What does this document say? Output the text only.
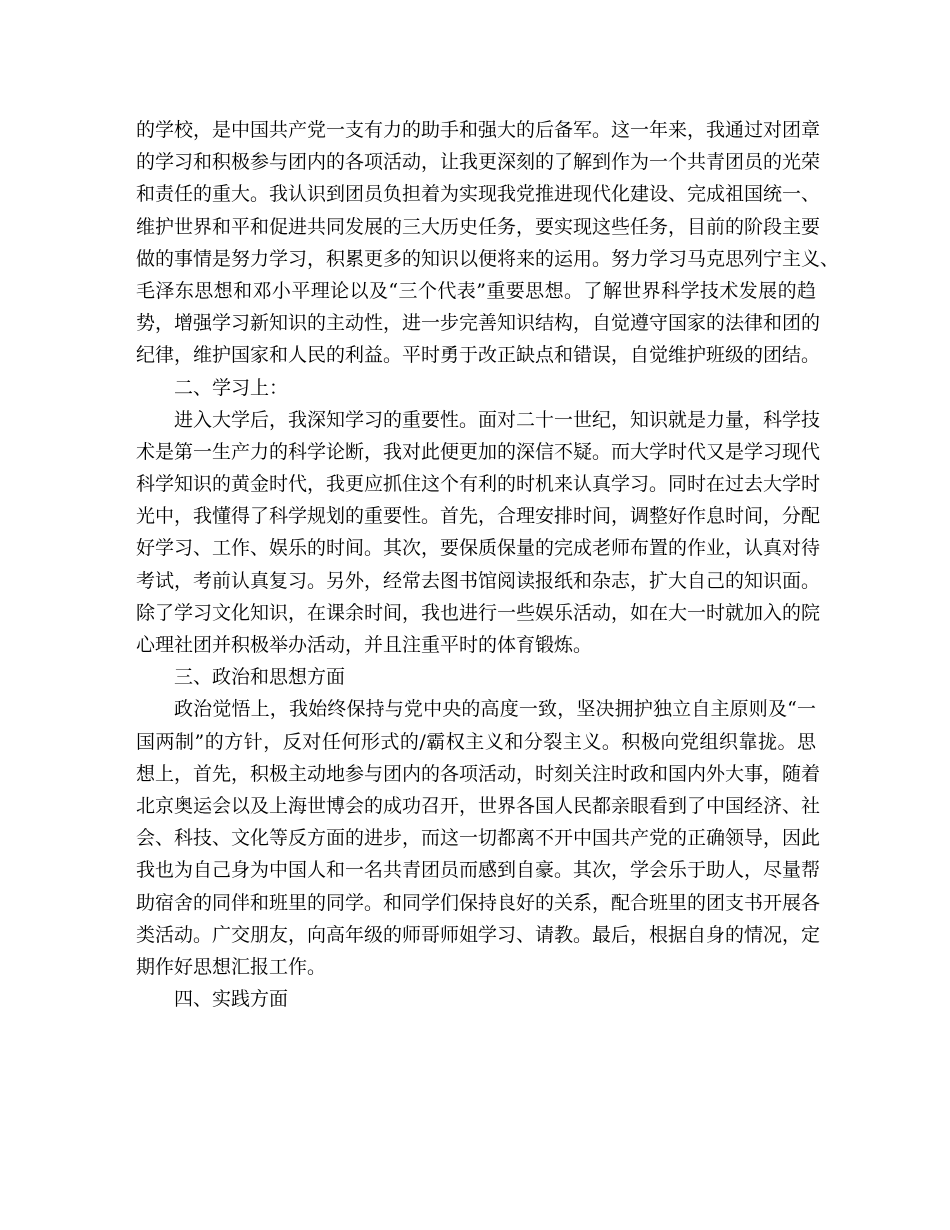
的学校，是中国共产党一支有力的助手和强大的后备军。这一年来，我通过对团章
的学习和积极参与团内的各项活动，让我更深刻的了解到作为一个共青团员的光荣
和责任的重大。我认识到团员负担着为实现我党推进现代化建设、完成祖国统一、
维护世界和平和促进共同发展的三大历史任务，要实现这些任务，目前的阶段主要
做的事情是努力学习，积累更多的知识以便将来的运用。努力学习马克思列宁主义、
毛泽东思想和邓小平理论以及“三个代表”重要思想。了解世界科学技术发展的趋
势，增强学习新知识的主动性，进一步完善知识结构，自觉遵守国家的法律和团的
纪律，维护国家和人民的利益。平时勇于改正缺点和错误，自觉维护班级的团结。
二、学习上：
进入大学后，我深知学习的重要性。面对二十一世纪，知识就是力量，科学技
术是第一生产力的科学论断，我对此便更加的深信不疑。而大学时代又是学习现代
科学知识的黄金时代，我更应抓住这个有利的时机来认真学习。同时在过去大学时
光中，我懂得了科学规划的重要性。首先，合理安排时间，调整好作息时间，分配
好学习、工作、娱乐的时间。其次，要保质保量的完成老师布置的作业，认真对待
考试，考前认真复习。另外，经常去图书馆阅读报纸和杂志，扩大自己的知识面。
除了学习文化知识，在课余时间，我也进行一些娱乐活动，如在大一时就加入的院
心理社团并积极举办活动，并且注重平时的体育锻炼。
三、政治和思想方面
政治觉悟上，我始终保持与党中央的高度一致，坚决拥护独立自主原则及“一
国两制”的方针，反对任何形式的/霸权主义和分裂主义。积极向党组织靠拢。思
想上，首先，积极主动地参与团内的各项活动，时刻关注时政和国内外大事，随着
北京奥运会以及上海世博会的成功召开，世界各国人民都亲眼看到了中国经济、社
会、科技、文化等反方面的进步，而这一切都离不开中国共产党的正确领导，因此
我也为自己身为中国人和一名共青团员而感到自豪。其次，学会乐于助人，尽量帮
助宿舍的同伴和班里的同学。和同学们保持良好的关系，配合班里的团支书开展各
类活动。广交朋友，向高年级的师哥师姐学习、请教。最后，根据自身的情况，定
期作好思想汇报工作。
四、实践方面
